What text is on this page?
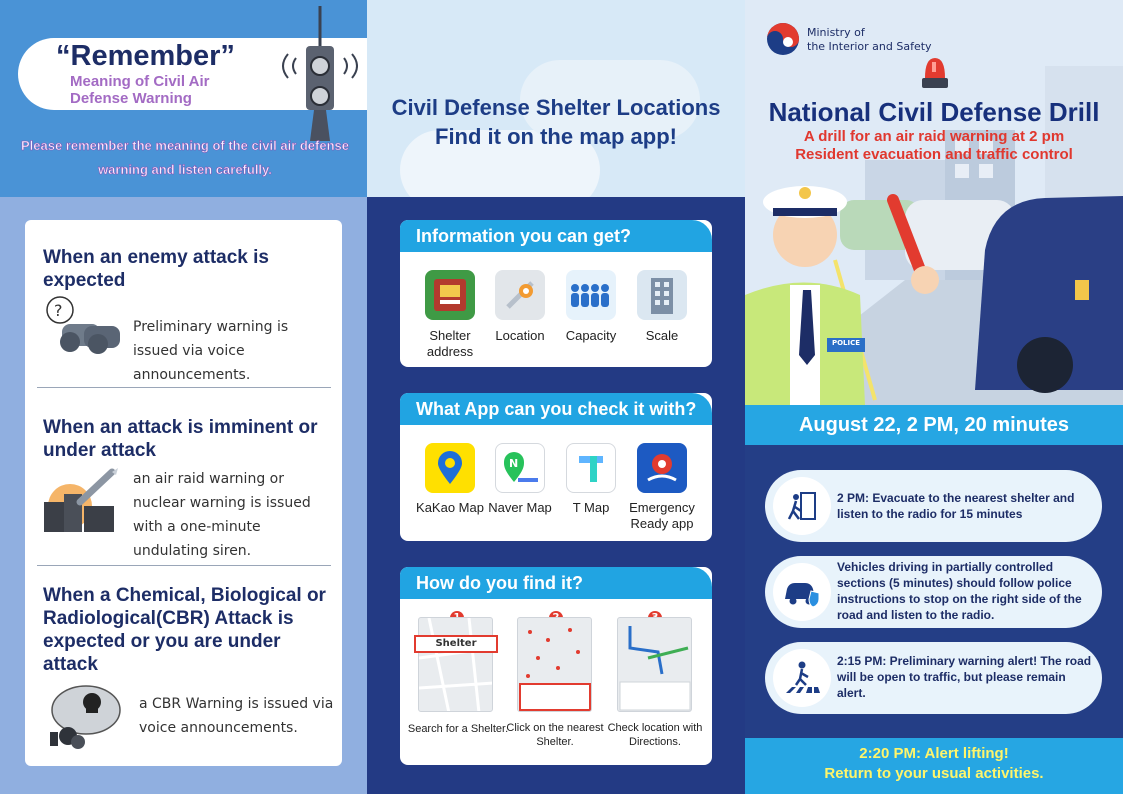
“Remember”
Meaning of Civil Air Defense Warning
Please remember the meaning of the civil air defense warning and listen carefully.
When an enemy attack is expected
?
Preliminary warning is issued via voice announcements.
When an attack is imminent or under attack
an air raid warning or nuclear warning is issued with a one-minute undulating siren.
When a Chemical, Biological or Radiological(CBR) Attack is expected or you are under attack
a CBR Warning is issued via voice announcements.
Civil Defense Shelter Locations
Find it on the map app!
Information you can get?
Shelter address
Location	Capacity	Scale
What App can you check it with?
KaKao Map
N
Naver Map	T Map	Emergency Ready app
How do you find it?
Shelter
Search for a Shelter.
Click on the nearest Shelter.
Check location with Directions.
POLICE
Ministry of
the Interior and Safety
National Civil Defense Drill
A drill for an air raid warning at 2 pm
Resident evacuation and traffic control
August 22, 2 PM, 20 minutes
2 PM: Evacuate to the nearest shelter and listen to the radio for 15 minutes
Vehicles driving in partially controlled sections (5 minutes) should follow police instructions to stop on the right side of the road and listen to the radio.
2:15 PM: Preliminary warning alert! The road will be open to traffic, but please remain alert.
2:20 PM: Alert lifting!
Return to your usual activities.
